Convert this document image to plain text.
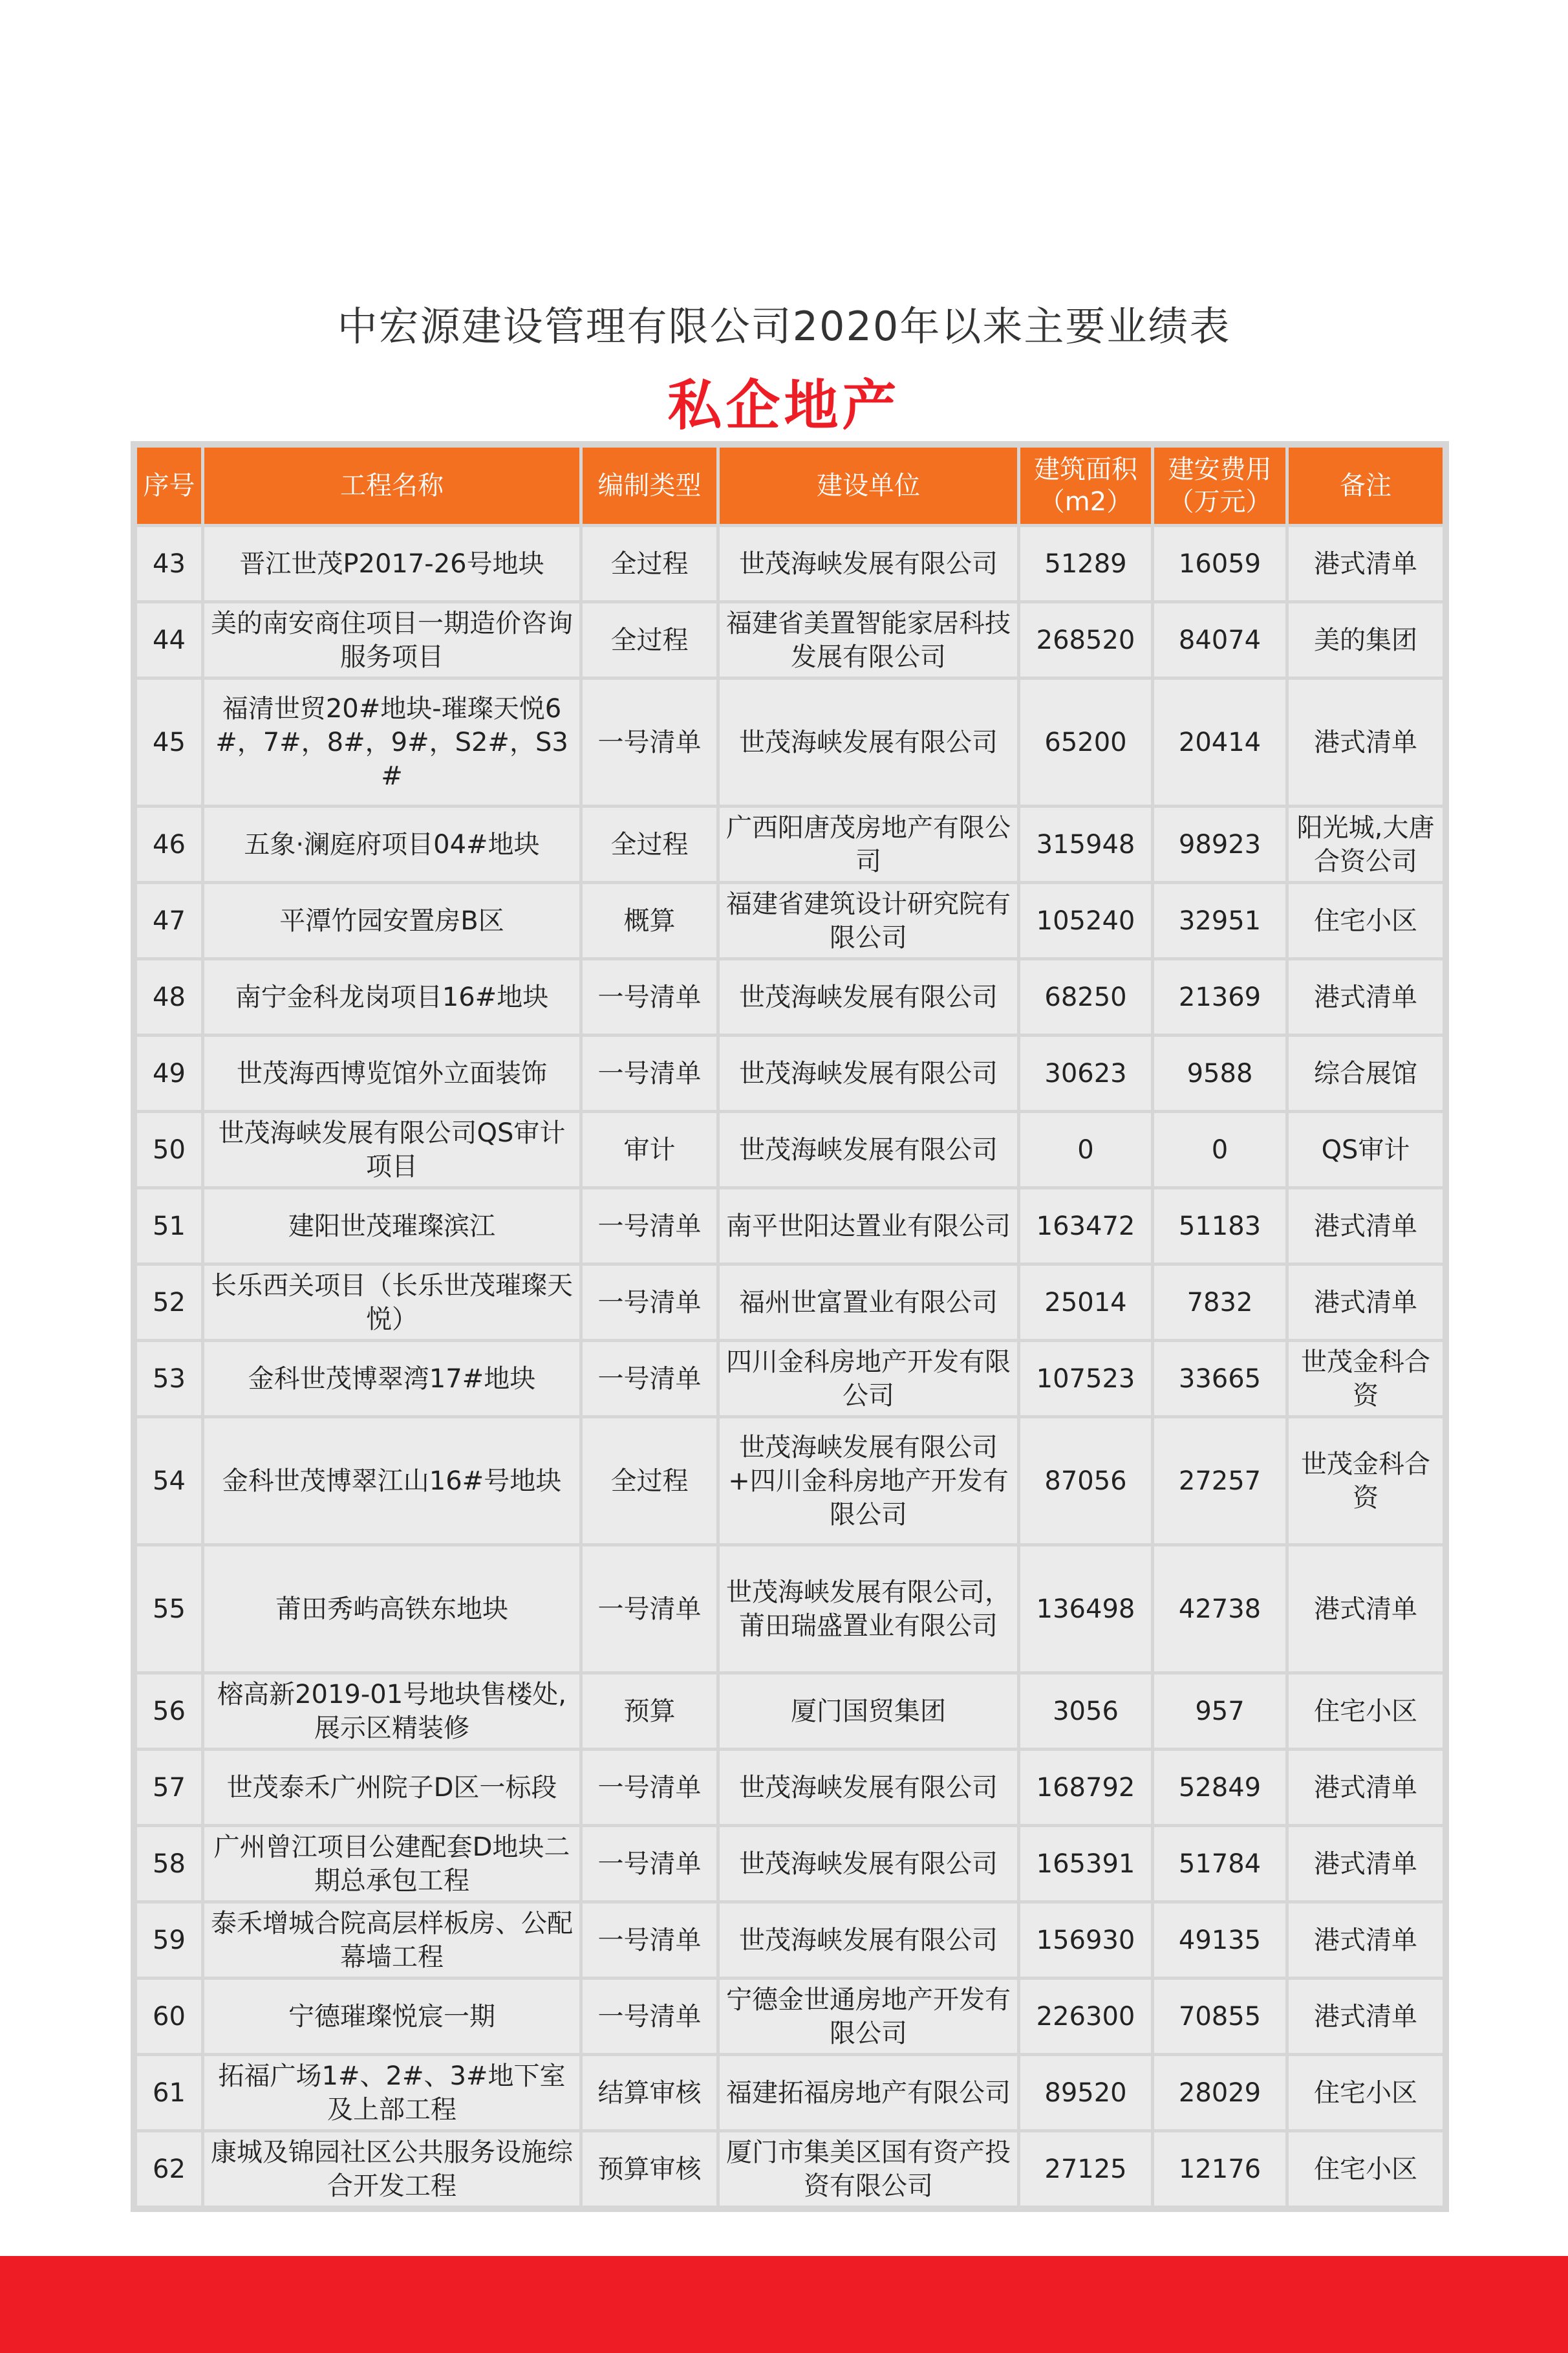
中宏源建设管理有限公司2020年以来主要业绩表
私企地产
序号	工程名称	编制类型	建设单位	建筑面积（m2）	建安费用（万元）	备注
43	晋江世茂P2017-26号地块	全过程	世茂海峡发展有限公司	51289	16059	港式清单
44	美的南安商住项目一期造价咨询服务项目	全过程	福建省美置智能家居科技发展有限公司	268520	84074	美的集团
45	福清世贸20#地块-璀璨天悦6#，7#，8#，9#，S2#，S3#	一号清单	世茂海峡发展有限公司	65200	20414	港式清单
46	五象·澜庭府项目04#地块	全过程	广西阳唐茂房地产有限公司	315948	98923	阳光城,大唐合资公司
47	平潭竹园安置房B区	概算	福建省建筑设计研究院有限公司	105240	32951	住宅小区
48	南宁金科龙岗项目16#地块	一号清单	世茂海峡发展有限公司	68250	21369	港式清单
49	世茂海西博览馆外立面装饰	一号清单	世茂海峡发展有限公司	30623	9588	综合展馆
50	世茂海峡发展有限公司QS审计项目	审计	世茂海峡发展有限公司	0	0	QS审计
51	建阳世茂璀璨滨江	一号清单	南平世阳达置业有限公司	163472	51183	港式清单
52	长乐西关项目（长乐世茂璀璨天悦）	一号清单	福州世富置业有限公司	25014	7832	港式清单
53	金科世茂博翠湾17#地块	一号清单	四川金科房地产开发有限公司	107523	33665	世茂金科合资
54	金科世茂博翠江山16#号地块	全过程	世茂海峡发展有限公司+四川金科房地产开发有限公司	87056	27257	世茂金科合资
55	莆田秀屿高铁东地块	一号清单	世茂海峡发展有限公司，莆田瑞盛置业有限公司	136498	42738	港式清单
56	榕高新2019-01号地块售楼处,展示区精装修	预算	厦门国贸集团	3056	957	住宅小区
57	世茂泰禾广州院子D区一标段	一号清单	世茂海峡发展有限公司	168792	52849	港式清单
58	广州曾江项目公建配套D地块二期总承包工程	一号清单	世茂海峡发展有限公司	165391	51784	港式清单
59	泰禾增城合院高层样板房、公配幕墙工程	一号清单	世茂海峡发展有限公司	156930	49135	港式清单
60	宁德璀璨悦宸一期	一号清单	宁德金世通房地产开发有限公司	226300	70855	港式清单
61	拓福广场1#、2#、3#地下室及上部工程	结算审核	福建拓福房地产有限公司	89520	28029	住宅小区
62	康城及锦园社区公共服务设施综合开发工程	预算审核	厦门市集美区国有资产投资有限公司	27125	12176	住宅小区
